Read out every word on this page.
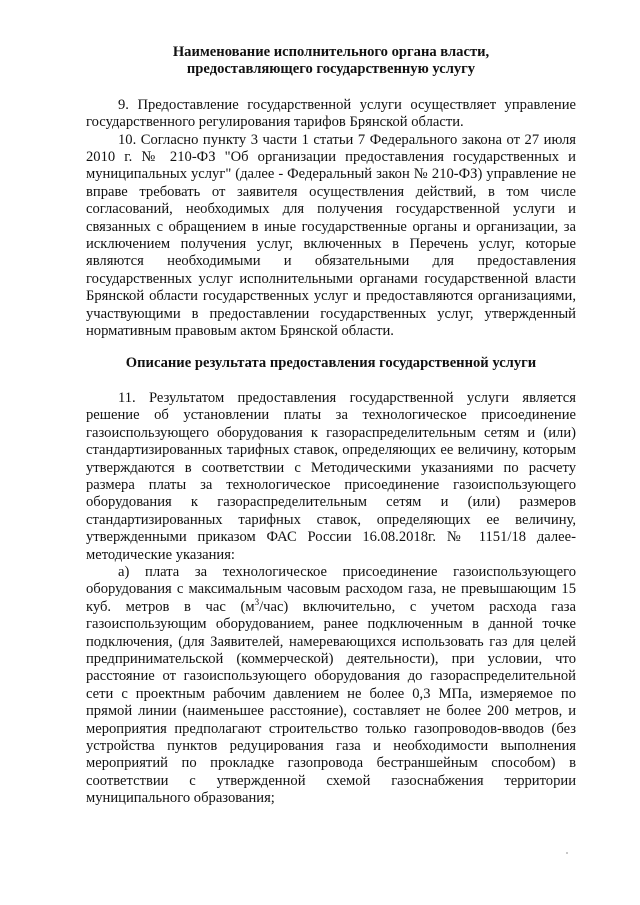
Наименование исполнительного органа власти,
предоставляющего государственную услугу

9. Предоставление государственной услуги осуществляет управление государственного регулирования тарифов Брянской области.

10. Согласно пункту 3 части 1 статьи 7 Федерального закона от 27 июля 2010 г. № 210-ФЗ "Об организации предоставления государственных и муниципальных услуг" (далее - Федеральный закон № 210-ФЗ) управление не вправе требовать от заявителя осуществления действий, в том числе согласований, необходимых для получения государственной услуги и связанных с обращением в иные государственные органы и организации, за исключением получения услуг, включенных в Перечень услуг, которые являются необходимыми и обязательными для предоставления государственных услуг исполнительными органами государственной власти Брянской области государственных услуг и предоставляются организациями, участвующими в предоставлении государственных услуг, утвержденный нормативным правовым актом Брянской области.

Описание результата предоставления государственной услуги

11. Результатом предоставления государственной услуги является решение об установлении платы за технологическое присоединение газоиспользующего оборудования к газораспределительным сетям и (или) стандартизированных тарифных ставок, определяющих ее величину, которым утверждаются в соответствии с Методическими указаниями по расчету размера платы за технологическое присоединение газоиспользующего оборудования к газораспределительным сетям и (или) размеров стандартизированных тарифных ставок, определяющих ее величину, утвержденными приказом ФАС России 16.08.2018г. № 1151/18 далее-методические указания:

а) плата за технологическое присоединение газоиспользующего оборудования с максимальным часовым расходом газа, не превышающим 15 куб. метров в час $(м^3/час)$ включительно, с учетом расхода газа газоиспользующим оборудованием, ранее подключенным в данной точке подключения, (для Заявителей, намеревающихся использовать газ для целей предпринимательской (коммерческой) деятельности), при условии, что расстояние от газоиспользующего оборудования до газораспределительной сети с проектным рабочим давлением не более 0,3 МПа, измеряемое по прямой линии (наименьшее расстояние), составляет не более 200 метров, и мероприятия предполагают строительство только газопроводов-вводов (без устройства пунктов редуцирования газа и необходимости выполнения мероприятий по прокладке газопровода бестраншейным способом) в соответствии с утвержденной схемой газоснабжения территории муниципального образования;
